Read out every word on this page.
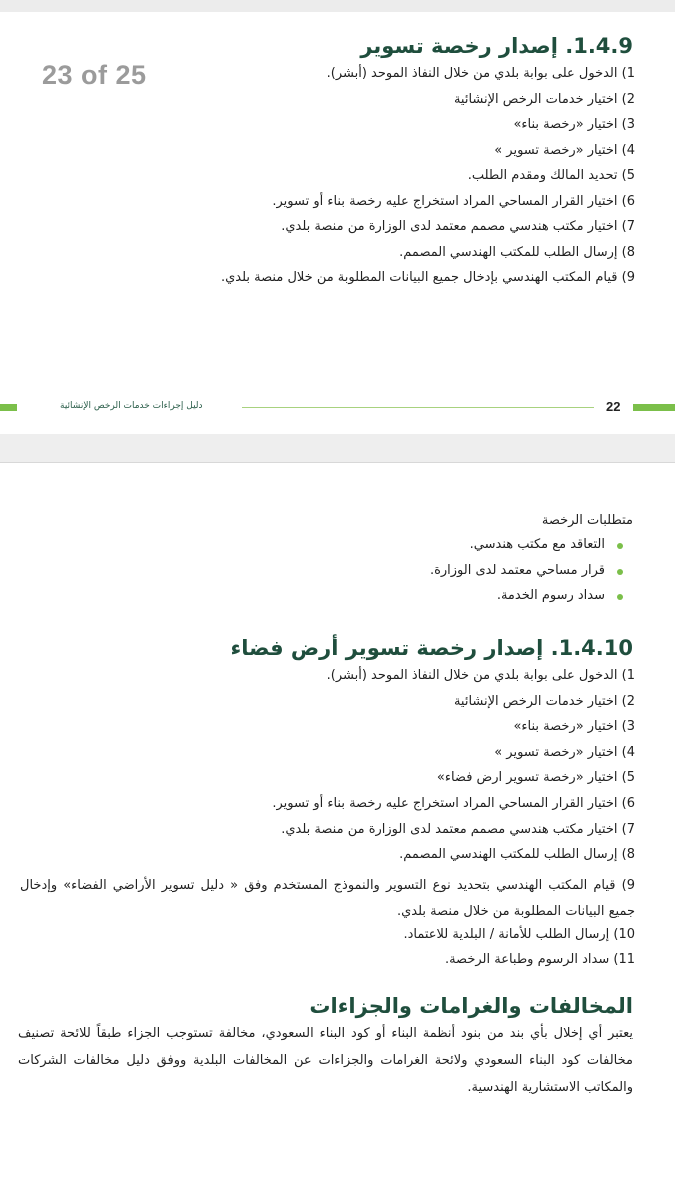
23 of 25
1.4.9. إصدار رخصة تسوير
1) الدخول على بوابة بلدي من خلال النفاذ الموحد (أبشر).
2) اختيار خدمات الرخص الإنشائية
3) اختيار «رخصة بناء»
4) اختيار «رخصة تسوير »
5) تحديد المالك ومقدم الطلب.
6) اختيار القرار المساحي المراد استخراج عليه رخصة بناء أو تسوير.
7) اختيار مكتب هندسي مصمم معتمد لدى الوزارة من منصة بلدي.
8) إرسال الطلب للمكتب الهندسي المصمم.
9) قيام المكتب الهندسي بإدخال جميع البيانات المطلوبة من خلال منصة بلدي.
دليل إجراءات خدمات الرخص الإنشائية	22
متطلبات الرخصة
التعاقد مع مكتب هندسي.
قرار مساحي معتمد لدى الوزارة.
سداد رسوم الخدمة.
1.4.10. إصدار رخصة تسوير أرض فضاء
1) الدخول على بوابة بلدي من خلال النفاذ الموحد (أبشر).
2) اختيار خدمات الرخص الإنشائية
3) اختيار «رخصة بناء»
4) اختيار «رخصة تسوير »
5) اختيار «رخصة تسوير ارض فضاء»
6) اختيار القرار المساحي المراد استخراج عليه رخصة بناء أو تسوير.
7) اختيار مكتب هندسي مصمم معتمد لدى الوزارة من منصة بلدي.
8) إرسال الطلب للمكتب الهندسي المصمم.
9) قيام المكتب الهندسي بتحديد نوع التسوير والنموذج المستخدم وفق « دليل تسوير الأراضي الفضاء» وإدخال جميع البيانات المطلوبة من خلال منصة بلدي.
10) إرسال الطلب للأمانة / البلدية للاعتماد.
11) سداد الرسوم وطباعة الرخصة.
المخالفات والغرامات والجزاءات

يعتبر أي إخلال بأي بند من بنود أنظمة البناء أو كود البناء السعودي، مخالفة تستوجب الجزاء طبقاً للائحة تصنيف مخالفات كود البناء السعودي ولائحة الغرامات والجزاءات عن المخالفات البلدية ووفق دليل مخالفات الشركات والمكاتب الاستشارية الهندسية.
